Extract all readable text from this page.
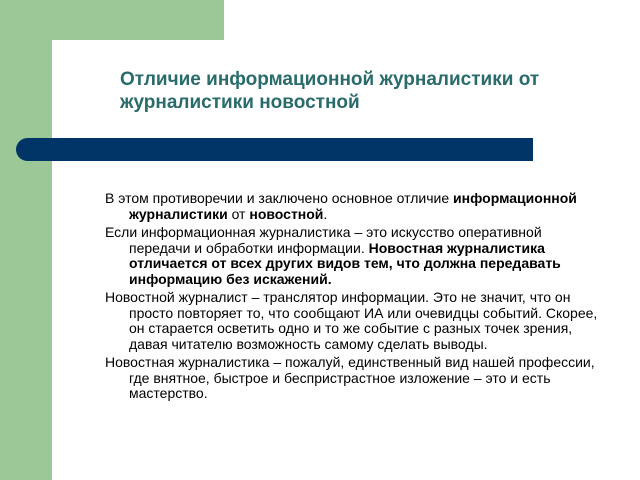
Отличие информационной журналистики от
журналистики новостной

В этом противоречии и заключено основное отличие информационной журналистики от новостной.

Если информационная журналистика – это искусство оперативной передачи и обработки информации. Новостная журналистика отличается от всех других видов тем, что должна передавать информацию без искажений.

Новостной журналист – транслятор информации. Это не значит, что он просто повторяет то, что сообщают ИА или очевидцы событий. Скорее, он старается осветить одно и то же событие с разных точек зрения, давая читателю возможность самому сделать выводы.

Новостная журналистика – пожалуй, единственный вид нашей профессии, где внятное, быстрое и беспристрастное изложение – это и есть мастерство.
